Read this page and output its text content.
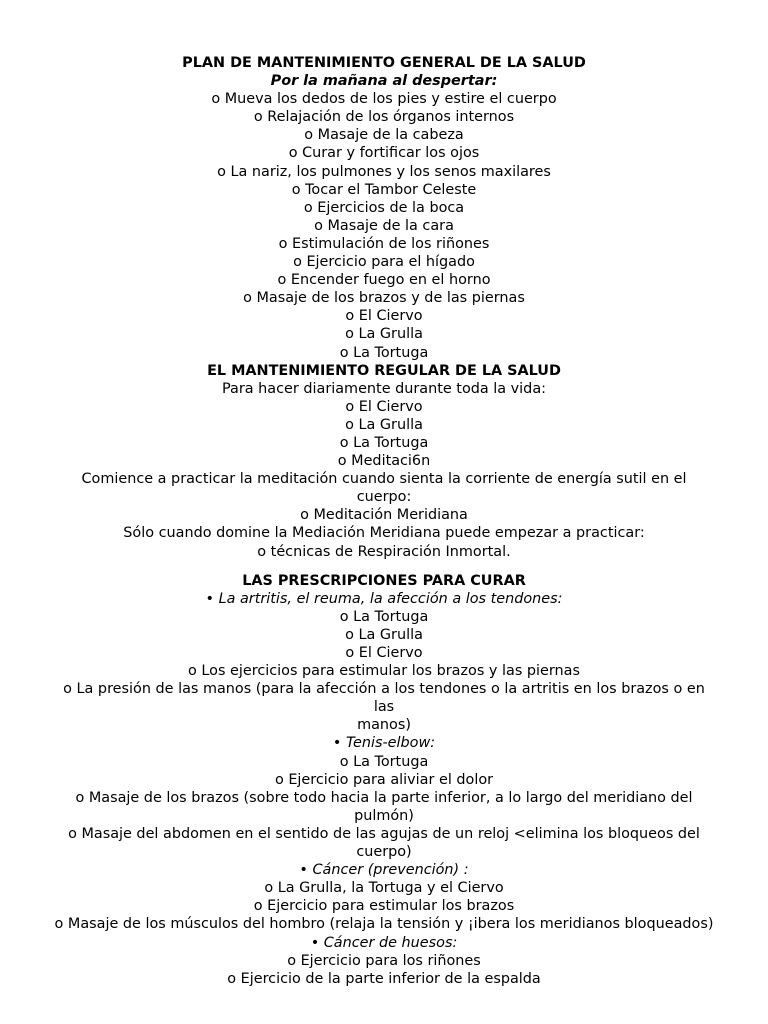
PLAN DE MANTENIMIENTO GENERAL DE LA SALUD
Por la mañana al despertar:
o Mueva los dedos de los pies y estire el cuerpo
o Relajación de los órganos internos
o Masaje de la cabeza
o Curar y fortificar los ojos
o La nariz, los pulmones y los senos maxilares
o Tocar el Tambor Celeste
o Ejercicios de la boca
o Masaje de la cara
o Estimulación de los riñones
o Ejercicio para el hígado
o Encender fuego en el horno
o Masaje de los brazos y de las piernas
o El Ciervo
o La Grulla
o La Tortuga
EL MANTENIMIENTO REGULAR DE LA SALUD
Para hacer diariamente durante toda la vida:
o El Ciervo
o La Grulla
o La Tortuga
o Meditaci6n
Comience a practicar la meditación cuando sienta la corriente de energía sutil en el
cuerpo:
o Meditación Meridiana
Sólo cuando domine la Mediación Meridiana puede empezar a practicar:
o técnicas de Respiración Inmortal.
LAS PRESCRIPCIONES PARA CURAR
• La artritis, el reuma, la afección a los tendones:
o La Tortuga
o La Grulla
o El Ciervo
o Los ejercicios para estimular los brazos y las piernas
o La presión de las manos (para la afección a los tendones o la artritis en los brazos o en
las
manos)
• Tenis-elbow:
o La Tortuga
o Ejercicio para aliviar el dolor
o Masaje de los brazos (sobre todo hacia la parte inferior, a lo largo del meridiano del
pulmón)
o Masaje del abdomen en el sentido de las agujas de un reloj <elimina los bloqueos del
cuerpo)
• Cáncer (prevención) :
o La Grulla, la Tortuga y el Ciervo
o Ejercicio para estimular los brazos
o Masaje de los músculos del hombro (relaja la tensión y ¡ibera los meridianos bloqueados)
• Cáncer de huesos:
o Ejercicio para los riñones
o Ejercicio de la parte inferior de la espalda
